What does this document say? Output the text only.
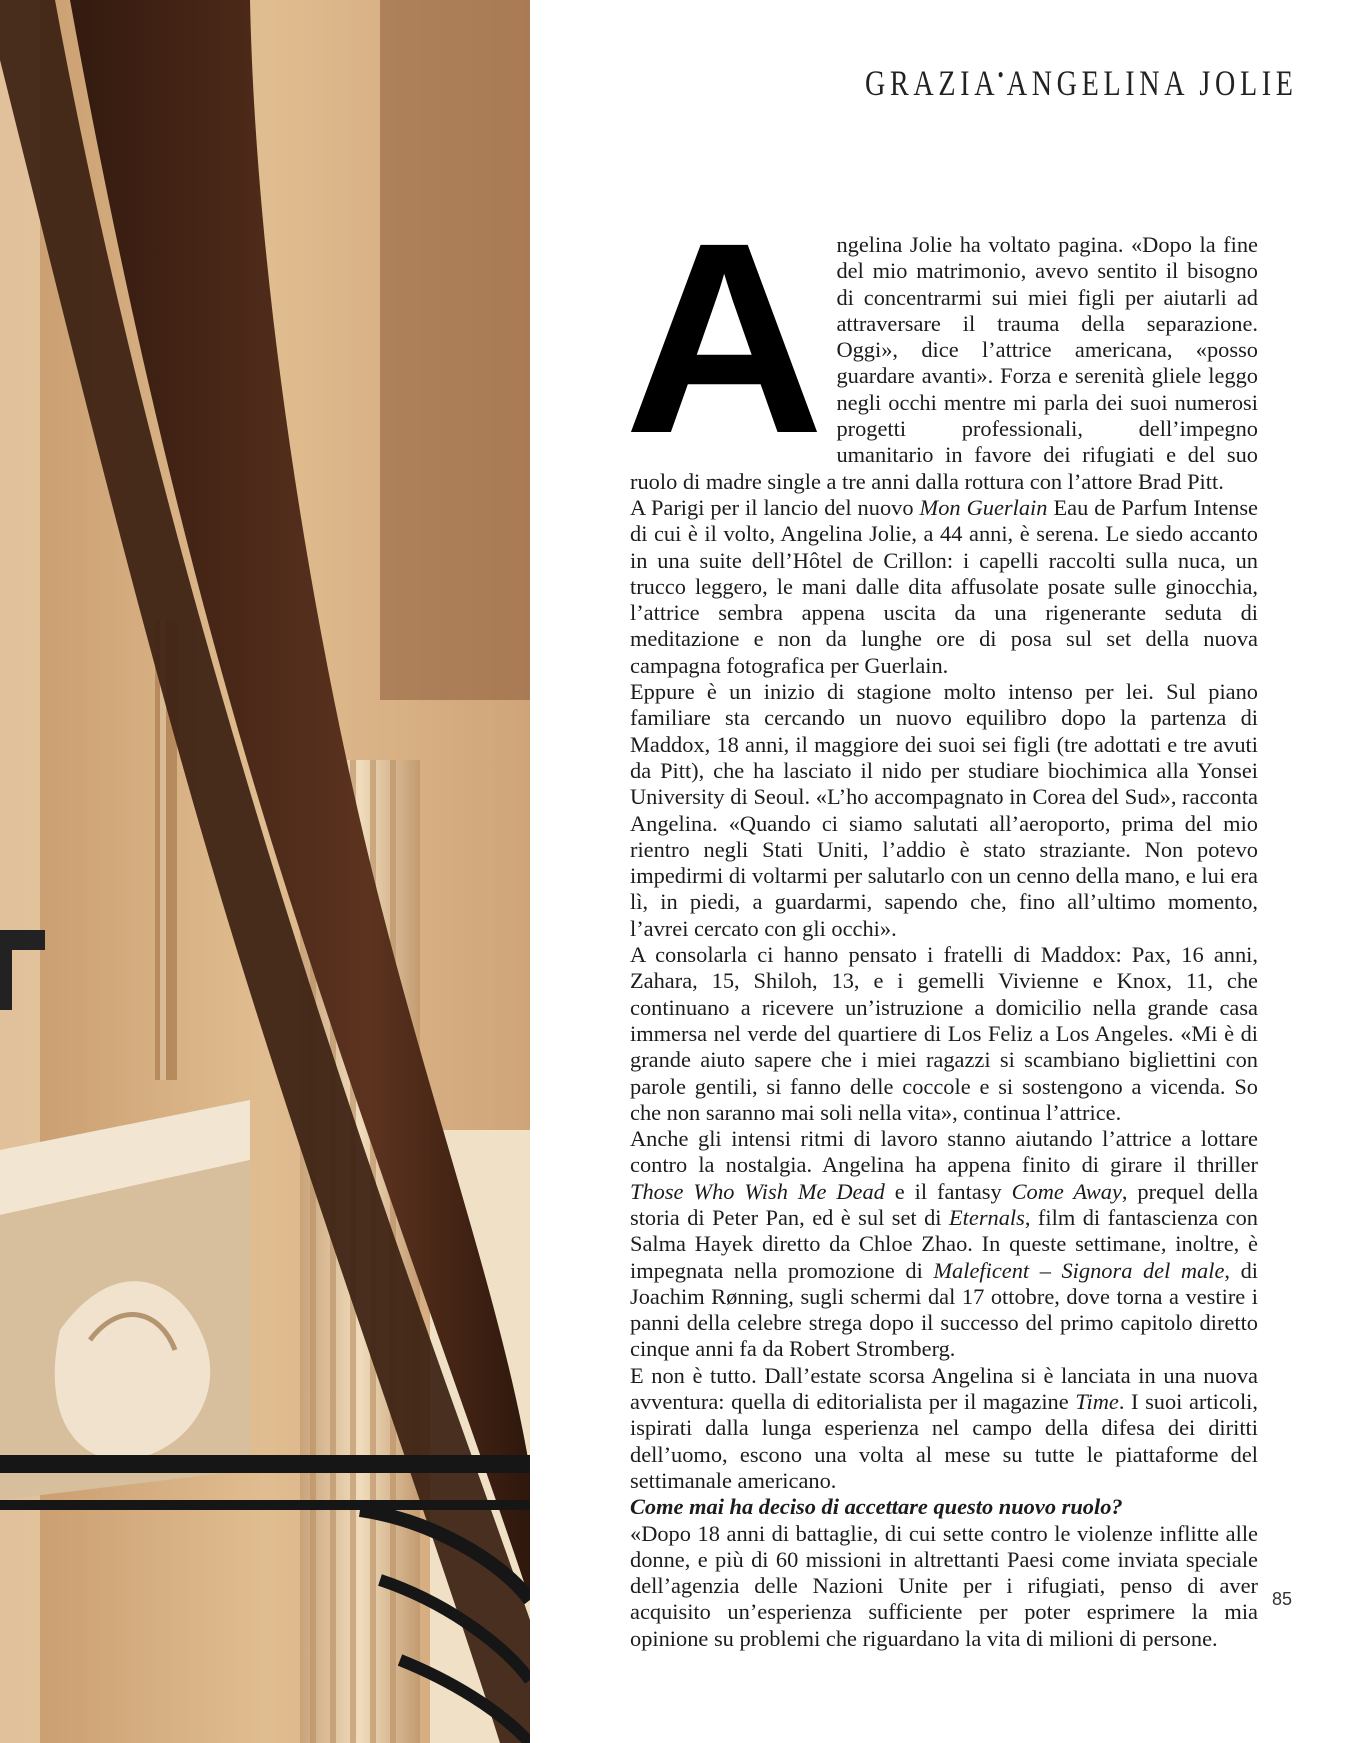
GRAZIA•ANGELINA JOLIE

Angelina Jolie ha voltato pagina. «Dopo la fine del mio matrimonio, avevo sentito il bisogno di concentrarmi sui miei figli per aiutarli ad attraversare il trauma della separazione. Oggi», dice l’attrice americana, «posso guardare avanti». Forza e serenità gliele leggo negli occhi mentre mi parla dei suoi numerosi progetti professionali, dell’impegno umanitario in favore dei rifugiati e del suo ruolo di madre single a tre anni dalla rottura con l’attore Brad Pitt.

A Parigi per il lancio del nuovo Mon Guerlain Eau de Parfum Intense di cui è il volto, Angelina Jolie, a 44 anni, è serena. Le siedo accanto in una suite dell’Hôtel de Crillon: i capelli raccolti sulla nuca, un trucco leggero, le mani dalle dita affusolate posate sulle ginocchia, l’attrice sembra appena uscita da una rigenerante seduta di meditazione e non da lunghe ore di posa sul set della nuova campagna fotografica per Guerlain.

Eppure è un inizio di stagione molto intenso per lei. Sul piano familiare sta cercando un nuovo equilibro dopo la partenza di Maddox, 18 anni, il maggiore dei suoi sei figli (tre adottati e tre avuti da Pitt), che ha lasciato il nido per studiare biochimica alla Yonsei University di Seoul. «L’ho accompagnato in Corea del Sud», racconta Angelina. «Quando ci siamo salutati all’aeroporto, prima del mio rientro negli Stati Uniti, l’addio è stato straziante. Non potevo impedirmi di voltarmi per salutarlo con un cenno della mano, e lui era lì, in piedi, a guardarmi, sapendo che, fino all’ultimo momento, l’avrei cercato con gli occhi».

A consolarla ci hanno pensato i fratelli di Maddox: Pax, 16 anni, Zahara, 15, Shiloh, 13, e i gemelli Vivienne e Knox, 11, che continuano a ricevere un’istruzione a domicilio nella grande casa immersa nel verde del quartiere di Los Feliz a Los Angeles. «Mi è di grande aiuto sapere che i miei ragazzi si scambiano bigliettini con parole gentili, si fanno delle coccole e si sostengono a vicenda. So che non saranno mai soli nella vita», continua l’attrice.

Anche gli intensi ritmi di lavoro stanno aiutando l’attrice a lottare contro la nostalgia. Angelina ha appena finito di girare il thriller Those Who Wish Me Dead e il fantasy Come Away, prequel della storia di Peter Pan, ed è sul set di Eternals, film di fantascienza con Salma Hayek diretto da Chloe Zhao. In queste settimane, inoltre, è impegnata nella promozione di Maleficent – Signora del male, di Joachim Rønning, sugli schermi dal 17 ottobre, dove torna a vestire i panni della celebre strega dopo il successo del primo capitolo diretto cinque anni fa da Robert Stromberg.

E non è tutto. Dall’estate scorsa Angelina si è lanciata in una nuova avventura: quella di editorialista per il magazine Time. I suoi articoli, ispirati dalla lunga esperienza nel campo della difesa dei diritti dell’uomo, escono una volta al mese su tutte le piattaforme del settimanale americano.

Come mai ha deciso di accettare questo nuovo ruolo?

«Dopo 18 anni di battaglie, di cui sette contro le violenze inflitte alle donne, e più di 60 missioni in altrettanti Paesi come inviata speciale dell’agenzia delle Nazioni Unite per i rifugiati, penso di aver acquisito un’esperienza sufficiente per poter esprimere la mia opinione su problemi che riguardano la vita di milioni di persone.

85
